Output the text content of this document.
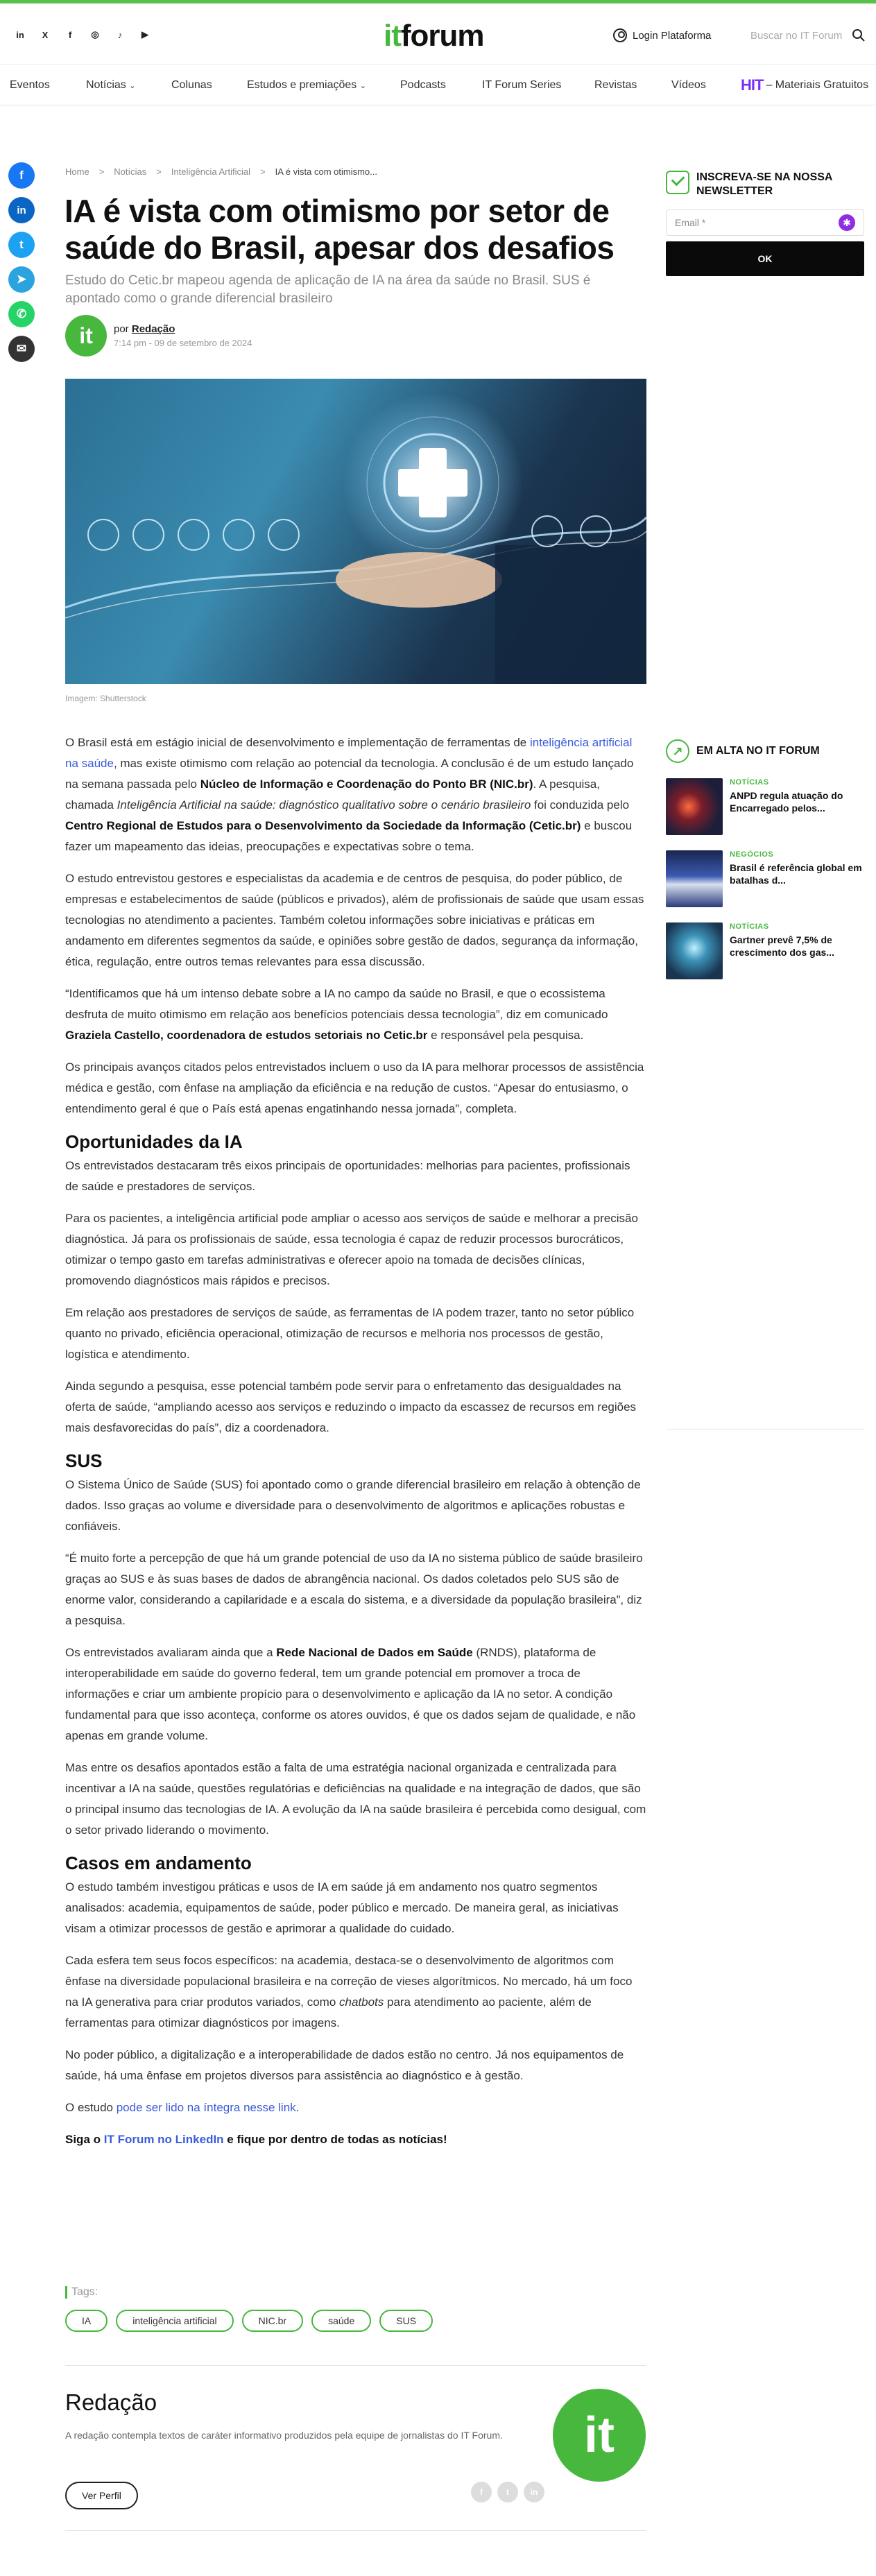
in	X	f	◎	♪	▶	itforum	Login Plataforma	Buscar no IT Forum
Eventos	Notícias ⌄	Colunas	Estudos e premiações ⌄	Podcasts	IT Forum Series	Revistas	Vídeos HIT – Materiais Gratuitos
f
in
t
➤
✆
✉
Home > Notícias > Inteligência Artificial > IA é vista com otimismo...
IA é vista com otimismo por setor de saúde do Brasil, apesar dos desafios
Estudo do Cetic.br mapeou agenda de aplicação de IA na área da saúde no Brasil. SUS é apontado como o grande diferencial brasileiro
it	por Redação
7:14 pm - 09 de setembro de 2024
Imagem: Shutterstock

O Brasil está em estágio inicial de desenvolvimento e implementação de ferramentas de inteligência artificial na saúde, mas existe otimismo com relação ao potencial da tecnologia. A conclusão é de um estudo lançado na semana passada pelo Núcleo de Informação e Coordenação do Ponto BR (NIC.br). A pesquisa, chamada Inteligência Artificial na saúde: diagnóstico qualitativo sobre o cenário brasileiro foi conduzida pelo Centro Regional de Estudos para o Desenvolvimento da Sociedade da Informação (Cetic.br) e buscou fazer um mapeamento das ideias, preocupações e expectativas sobre o tema.

O estudo entrevistou gestores e especialistas da academia e de centros de pesquisa, do poder público, de empresas e estabelecimentos de saúde (públicos e privados), além de profissionais de saúde que usam essas tecnologias no atendimento a pacientes. Também coletou informações sobre iniciativas e práticas em andamento em diferentes segmentos da saúde, e opiniões sobre gestão de dados, segurança da informação, ética, regulação, entre outros temas relevantes para essa discussão.

“Identificamos que há um intenso debate sobre a IA no campo da saúde no Brasil, e que o ecossistema desfruta de muito otimismo em relação aos benefícios potenciais dessa tecnologia”, diz em comunicado Graziela Castello, coordenadora de estudos setoriais no Cetic.br e responsável pela pesquisa.

Os principais avanços citados pelos entrevistados incluem o uso da IA para melhorar processos de assistência médica e gestão, com ênfase na ampliação da eficiência e na redução de custos. “Apesar do entusiasmo, o entendimento geral é que o País está apenas engatinhando nessa jornada”, completa.

Oportunidades da IA

Os entrevistados destacaram três eixos principais de oportunidades: melhorias para pacientes, profissionais de saúde e prestadores de serviços.

Para os pacientes, a inteligência artificial pode ampliar o acesso aos serviços de saúde e melhorar a precisão diagnóstica. Já para os profissionais de saúde, essa tecnologia é capaz de reduzir processos burocráticos, otimizar o tempo gasto em tarefas administrativas e oferecer apoio na tomada de decisões clínicas, promovendo diagnósticos mais rápidos e precisos.

Em relação aos prestadores de serviços de saúde, as ferramentas de IA podem trazer, tanto no setor público quanto no privado, eficiência operacional, otimização de recursos e melhoria nos processos de gestão, logística e atendimento.

Ainda segundo a pesquisa, esse potencial também pode servir para o enfretamento das desigualdades na oferta de saúde, “ampliando acesso aos serviços e reduzindo o impacto da escassez de recursos em regiões mais desfavorecidas do país”, diz a coordenadora.

SUS

O Sistema Único de Saúde (SUS) foi apontado como o grande diferencial brasileiro em relação à obtenção de dados. Isso graças ao volume e diversidade para o desenvolvimento de algoritmos e aplicações robustas e confiáveis.

“É muito forte a percepção de que há um grande potencial de uso da IA no sistema público de saúde brasileiro graças ao SUS e às suas bases de dados de abrangência nacional. Os dados coletados pelo SUS são de enorme valor, considerando a capilaridade e a escala do sistema, e a diversidade da população brasileira”, diz a pesquisa.

Os entrevistados avaliaram ainda que a Rede Nacional de Dados em Saúde (RNDS), plataforma de interoperabilidade em saúde do governo federal, tem um grande potencial em promover a troca de informações e criar um ambiente propício para o desenvolvimento e aplicação da IA no setor. A condição fundamental para que isso aconteça, conforme os atores ouvidos, é que os dados sejam de qualidade, e não apenas em grande volume.

Mas entre os desafios apontados estão a falta de uma estratégia nacional organizada e centralizada para incentivar a IA na saúde, questões regulatórias e deficiências na qualidade e na integração de dados, que são o principal insumo das tecnologias de IA. A evolução da IA na saúde brasileira é percebida como desigual, com o setor privado liderando o movimento.

Casos em andamento

O estudo também investigou práticas e usos de IA em saúde já em andamento nos quatro segmentos analisados: academia, equipamentos de saúde, poder público e mercado. De maneira geral, as iniciativas visam a otimizar processos de gestão e aprimorar a qualidade do cuidado.

Cada esfera tem seus focos específicos: na academia, destaca-se o desenvolvimento de algoritmos com ênfase na diversidade populacional brasileira e na correção de vieses algorítmicos. No mercado, há um foco na IA generativa para criar produtos variados, como chatbots para atendimento ao paciente, além de ferramentas para otimizar diagnósticos por imagens.

No poder público, a digitalização e a interoperabilidade de dados estão no centro. Já nos equipamentos de saúde, há uma ênfase em projetos diversos para assistência ao diagnóstico e à gestão.

O estudo pode ser lido na íntegra nesse link.

Siga o IT Forum no LinkedIn e fique por dentro de todas as notícias!

Tags:
IA	inteligência artificial	NIC.br	saúde	SUS
Redação
A redação contempla textos de caráter informativo produzidos pela equipe de jornalistas do IT Forum.
Ver Perfil
it
f	t	in
INSCREVA-SE NA NOSSA NEWSLETTER
Email *	✱
OK
↗	EM ALTA NO IT FORUM
NOTÍCIAS
ANPD regula atuação do Encarregado pelos...
NEGÓCIOS
Brasil é referência global em batalhas d...
NOTÍCIAS
Gartner prevê 7,5% de crescimento dos gas...
